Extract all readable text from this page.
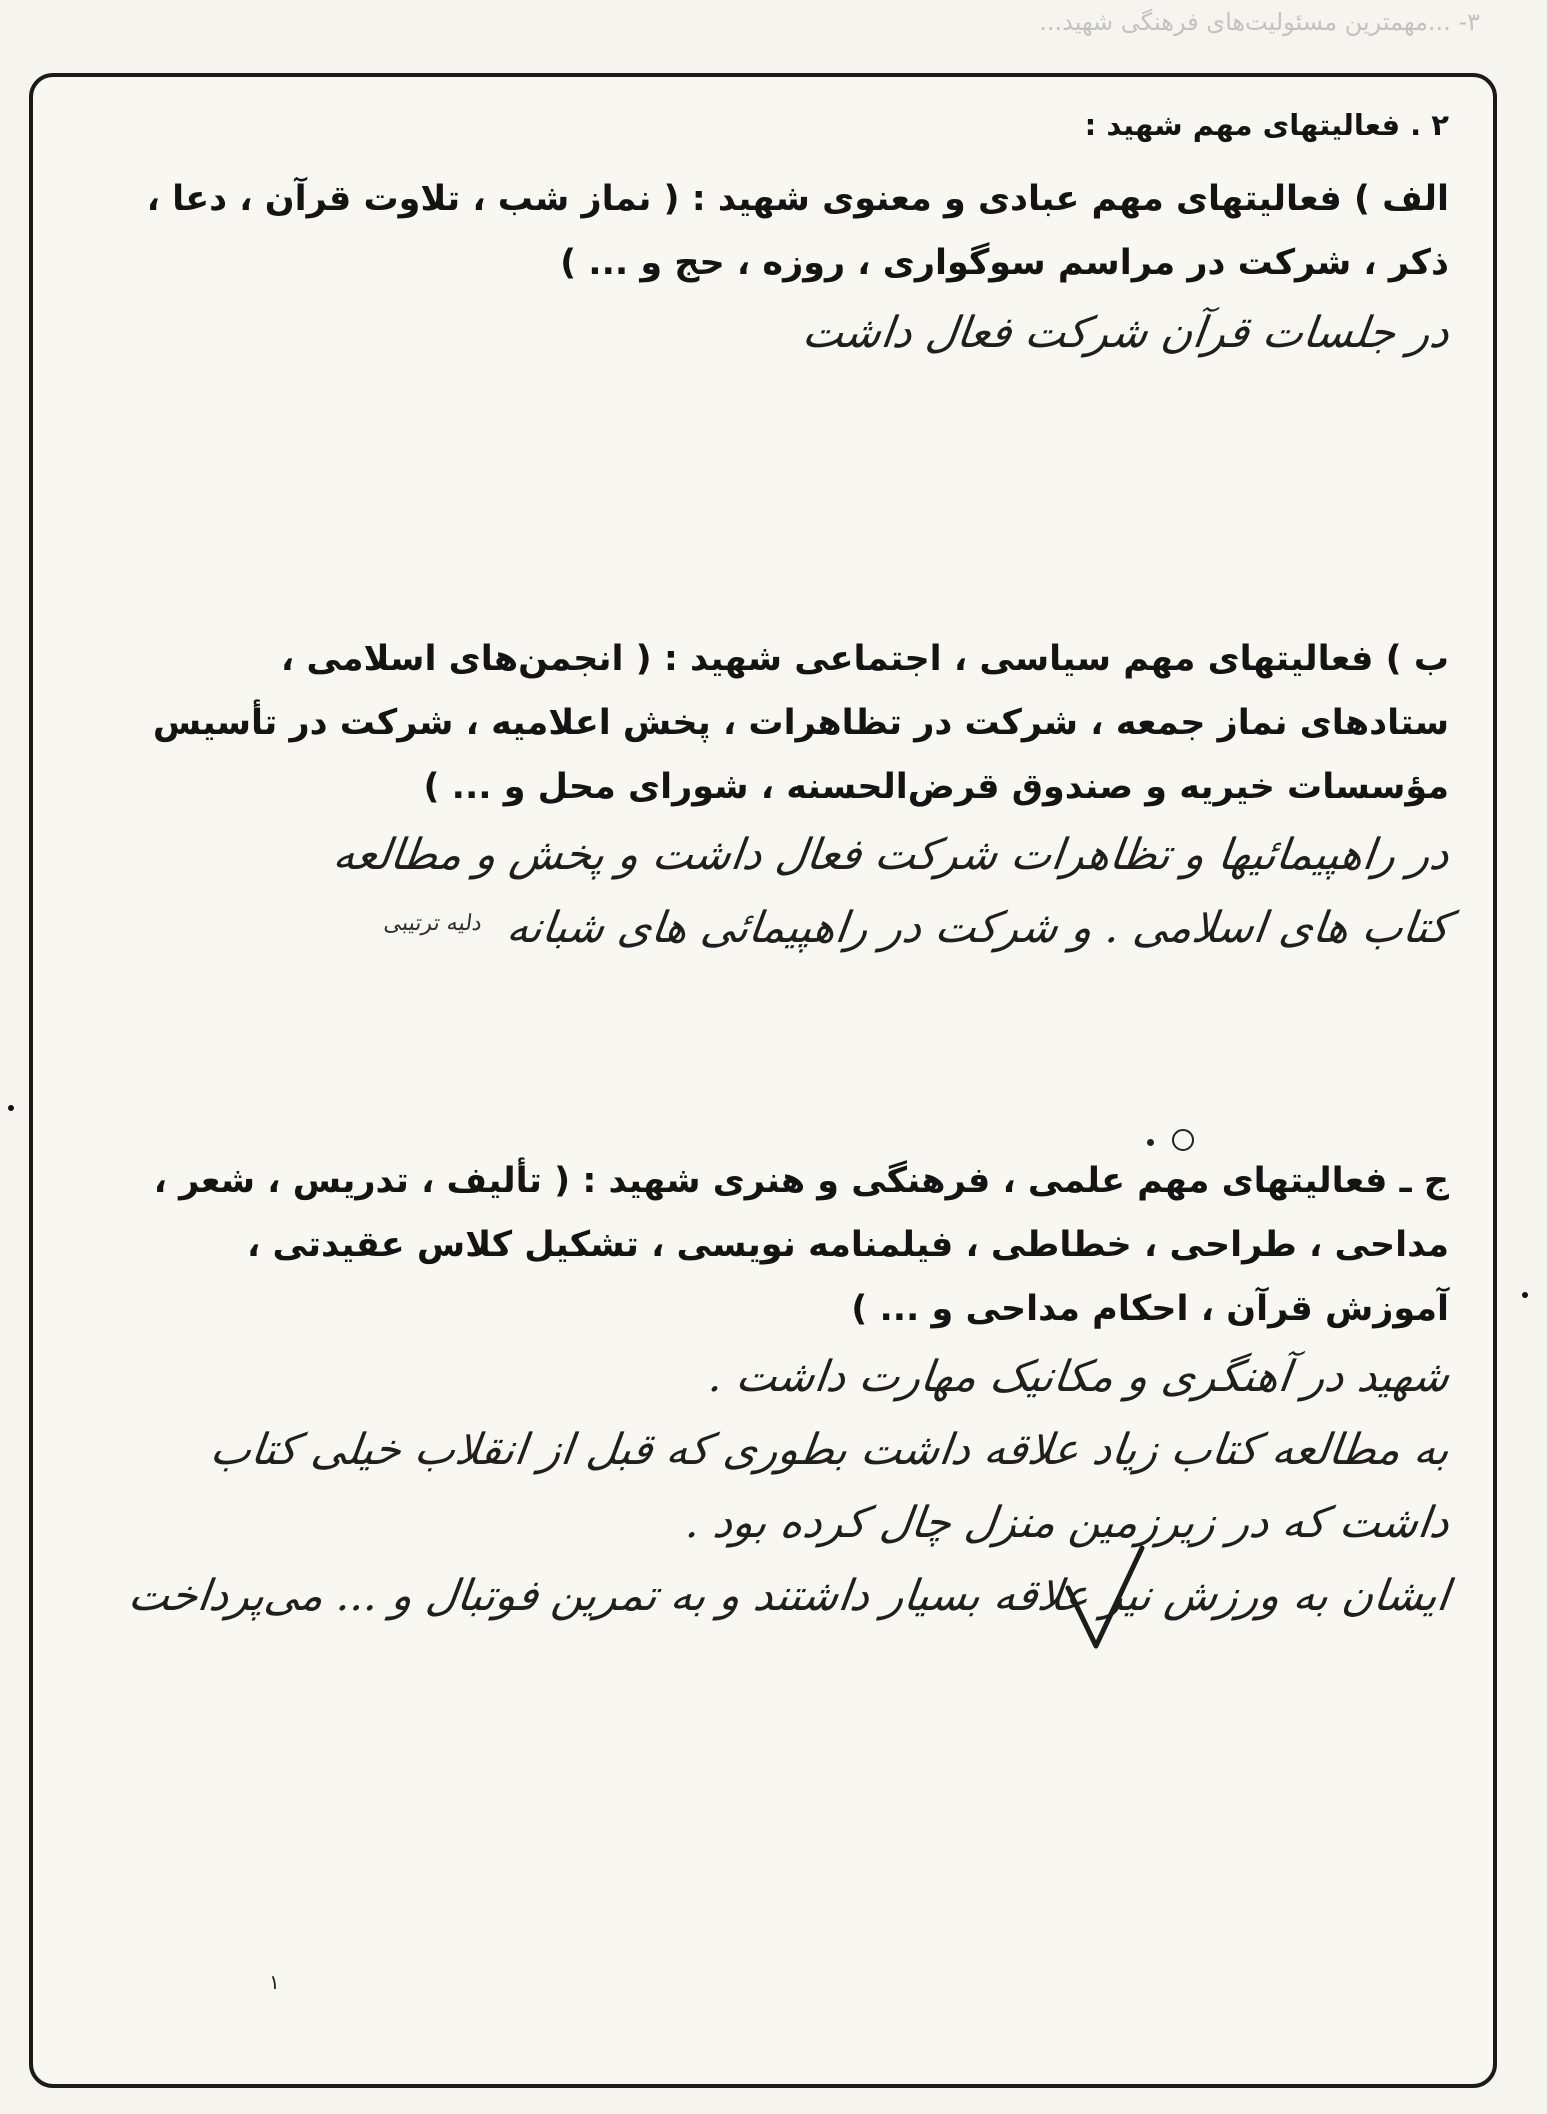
۳- ...مهمترین مسئولیت‌های فرهنگی شهید...
۲ . فعالیتهای مهم شهید :

الف ) فعالیتهای مهم عبادی و معنوی شهید : ( نماز شب ، تلاوت قرآن ، دعا ،

ذکر ، شرکت در مراسم سوگواری ، روزه ، حج و ... )

در جلسات قرآن شرکت فعال داشت

ب ) فعالیتهای مهم سیاسی ، اجتماعی شهید : ( انجمن‌های اسلامی ،

ستادهای نماز جمعه ، شرکت در تظاهرات ، پخش اعلامیه ، شرکت در تأسیس

مؤسسات خیریه و صندوق قرض‌الحسنه ، شورای محل و ... )

در راهپیمائیها و تظاهرات شرکت فعال داشت و پخش و مطالعه

کتاب های اسلامی . و شرکت در راهپیمائی های شبانه $^{دلیه ترتیبی}$

ج ـ فعالیتهای مهم علمی ، فرهنگی و هنری شهید : ( تألیف ، تدریس ، شعر ،

مداحی ، طراحی ، خطاطی ، فیلمنامه نویسی ، تشکیل کلاس عقیدتی ،

آموزش قرآن ، احکام مداحی و ... )

شهید در آهنگری و مکانیک مهارت داشت .

به مطالعه کتاب زیاد علاقه داشت بطوری که قبل از انقلاب خیلی کتاب

داشت که در زیرزمین منزل چال کرده بود .

ایشان به ورزش نیز علاقه بسیار داشتند و به تمرین فوتبال و ... می‌پرداخت

۱
